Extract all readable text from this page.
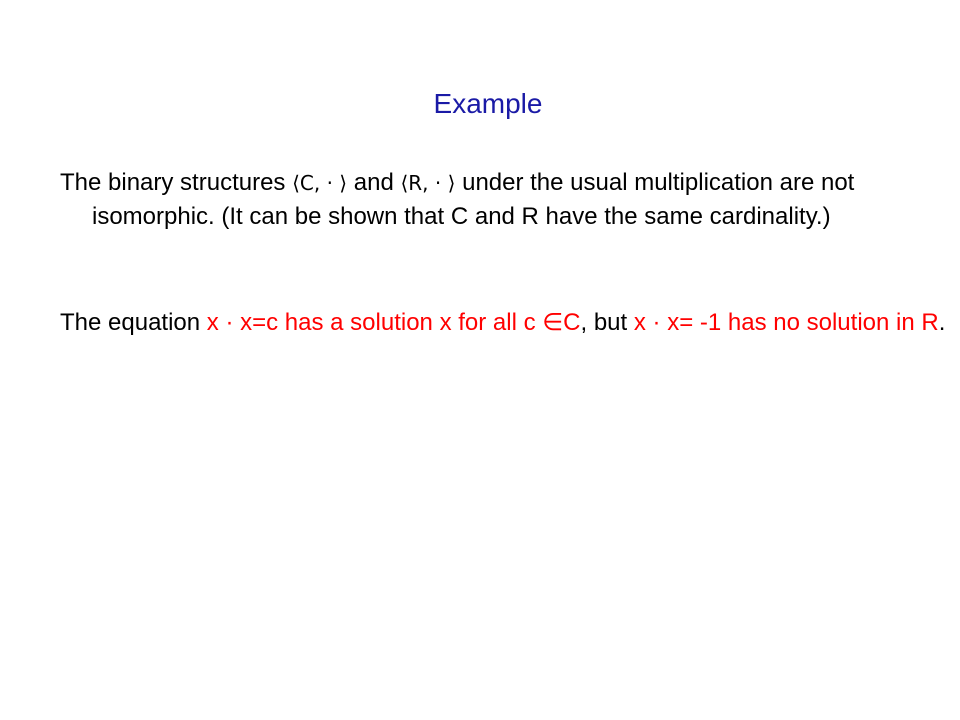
Example
The binary structures ⟨C, · ⟩ and ⟨R, · ⟩ under the usual multiplication are not isomorphic. (It can be shown that C and R have the same cardinality.)
The equation x · x=c has a solution x for all c ∈C, but x · x= -1 has no solution in R.
